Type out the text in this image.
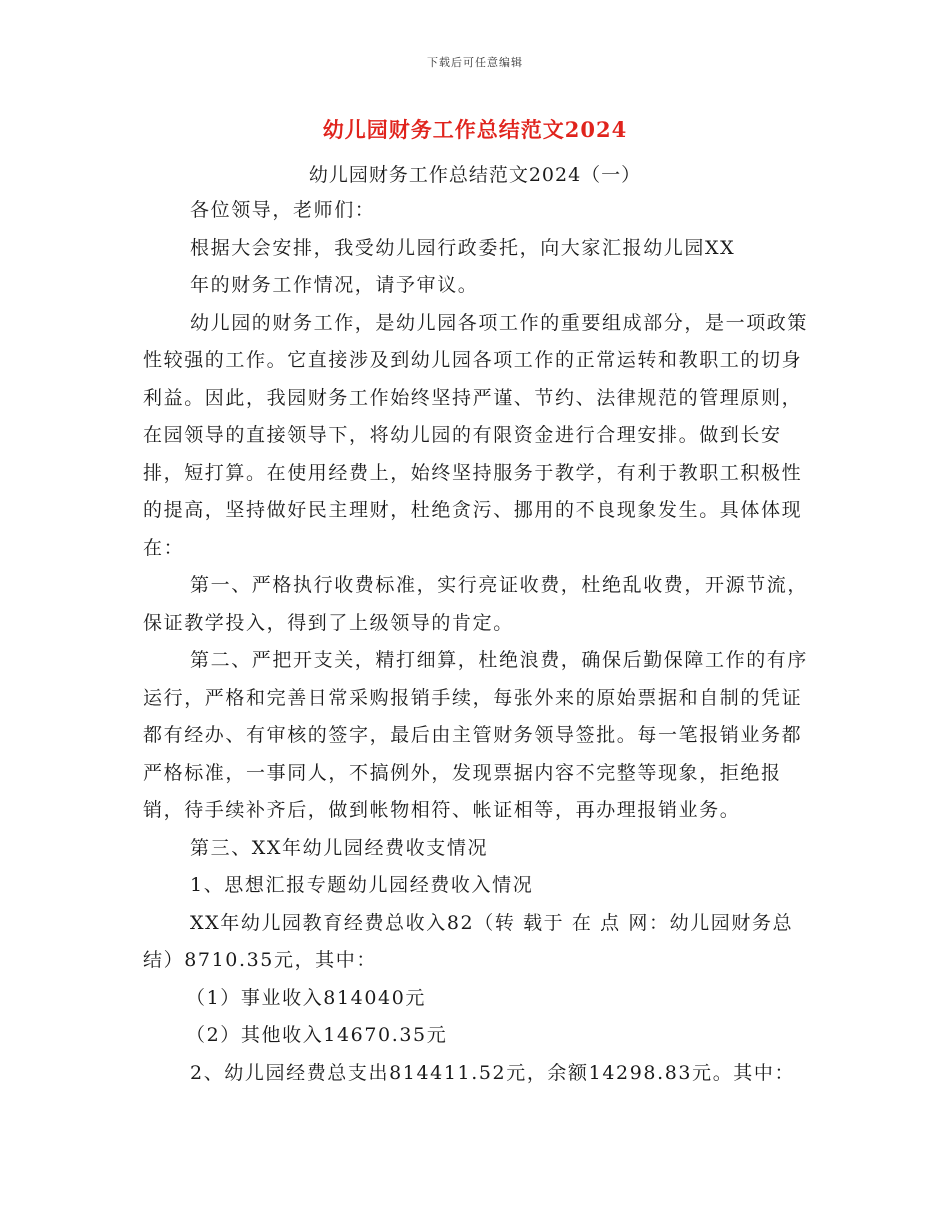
下载后可任意编辑
幼儿园财务工作总结范文2024
幼儿园财务工作总结范文2024（一）

各位领导，老师们：

根据大会安排，我受幼儿园行政委托，向大家汇报幼儿园XX

年的财务工作情况，请予审议。

幼儿园的财务工作，是幼儿园各项工作的重要组成部分，是一项政策性较强的工作。它直接涉及到幼儿园各项工作的正常运转和教职工的切身利益。因此，我园财务工作始终坚持严谨、节约、法律规范的管理原则，在园领导的直接领导下，将幼儿园的有限资金进行合理安排。做到长安排，短打算。在使用经费上，始终坚持服务于教学，有利于教职工积极性的提高，坚持做好民主理财，杜绝贪污、挪用的不良现象发生。具体体现在：

第一、严格执行收费标准，实行亮证收费，杜绝乱收费，开源节流，保证教学投入，得到了上级领导的肯定。

第二、严把开支关，精打细算，杜绝浪费，确保后勤保障工作的有序运行，严格和完善日常采购报销手续，每张外来的原始票据和自制的凭证都有经办、有审核的签字，最后由主管财务领导签批。每一笔报销业务都严格标准，一事同人，不搞例外，发现票据内容不完整等现象，拒绝报销，待手续补齐后，做到帐物相符、帐证相等，再办理报销业务。

第三、XX年幼儿园经费收支情况

1、思想汇报专题幼儿园经费收入情况

XX年幼儿园教育经费总收入82（转 载于 在 点 网：幼儿园财务总结）8710.35元，其中：

（1）事业收入814040元

（2）其他收入14670.35元

2、幼儿园经费总支出814411.52元，余额14298.83元。其中：
